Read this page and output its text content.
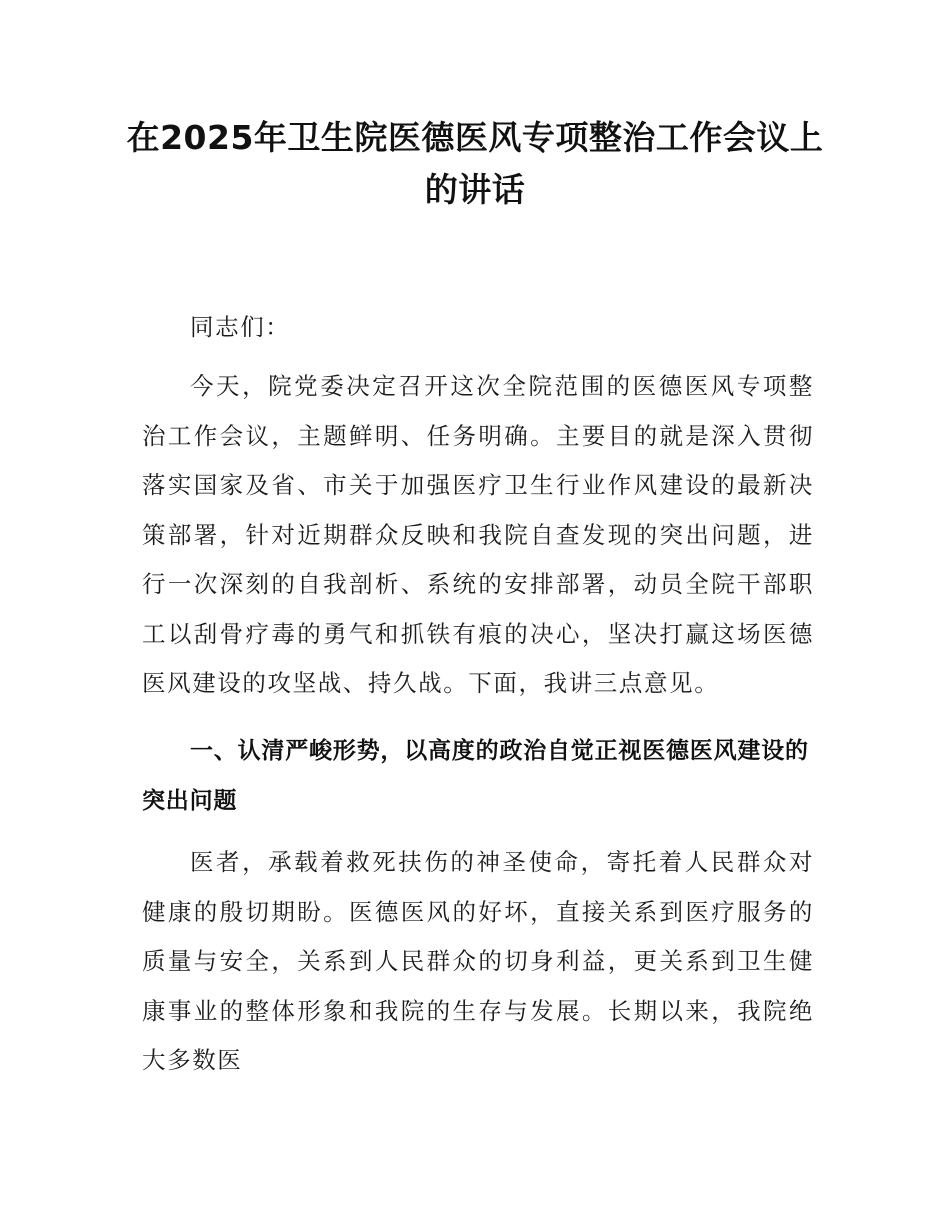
在2025年卫生院医德医风专项整治工作会议上的讲话

同志们：

今天，院党委决定召开这次全院范围的医德医风专项整治工作会议，主题鲜明、任务明确。主要目的就是深入贯彻落实国家及省、市关于加强医疗卫生行业作风建设的最新决策部署，针对近期群众反映和我院自查发现的突出问题，进行一次深刻的自我剖析、系统的安排部署，动员全院干部职工以刮骨疗毒的勇气和抓铁有痕的决心，坚决打赢这场医德医风建设的攻坚战、持久战。下面，我讲三点意见。

一、认清严峻形势，以高度的政治自觉正视医德医风建设的突出问题

医者，承载着救死扶伤的神圣使命，寄托着人民群众对健康的殷切期盼。医德医风的好坏，直接关系到医疗服务的质量与安全，关系到人民群众的切身利益，更关系到卫生健康事业的整体形象和我院的生存与发展。长期以来，我院绝大多数医
